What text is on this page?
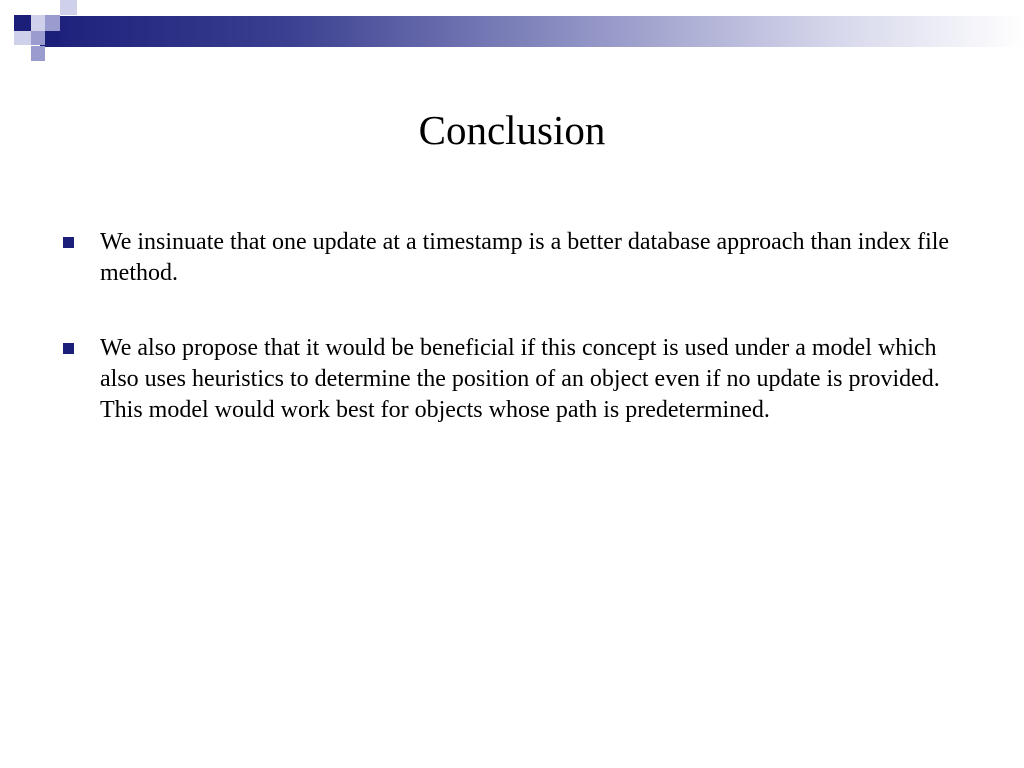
Conclusion
We insinuate that one update at a timestamp is a better database approach than index file method.
We also propose that it would be beneficial if this concept is used under a model which also uses heuristics to determine the position of an object even if no update is provided. This model would work best for objects whose path is predetermined.
